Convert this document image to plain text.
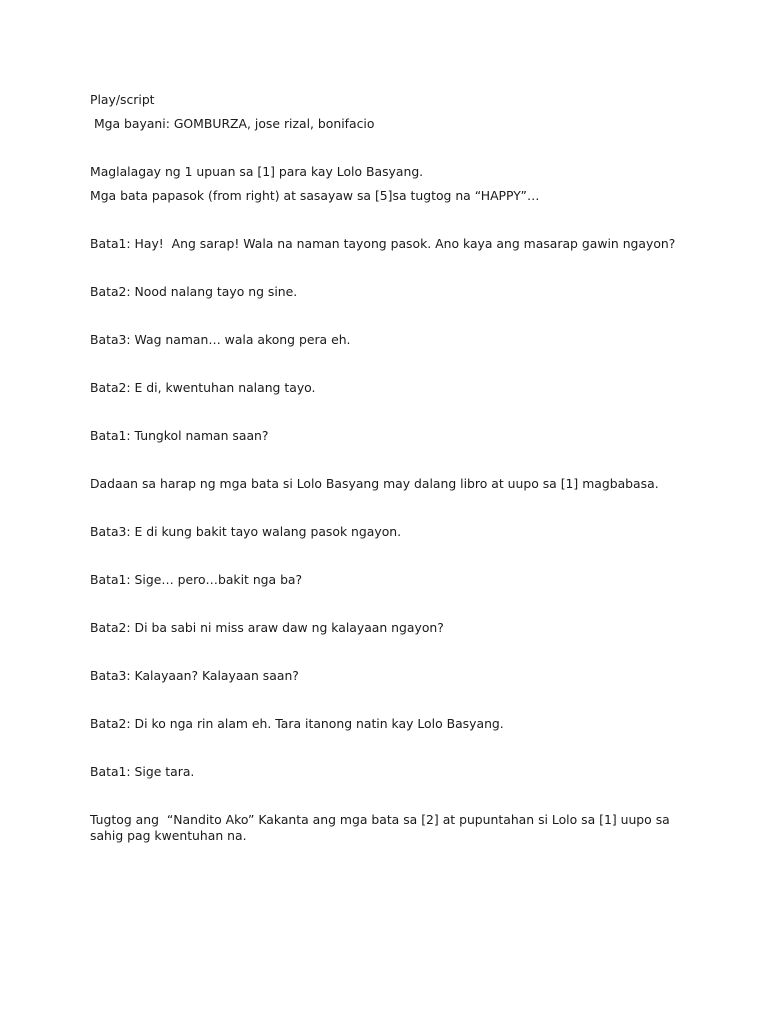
Play/script

Mga bayani: GOMBURZA, jose rizal, bonifacio

Maglalagay ng 1 upuan sa [1] para kay Lolo Basyang.

Mga bata papasok (from right) at sasayaw sa [5]sa tugtog na “HAPPY”…

Bata1: Hay!  Ang sarap! Wala na naman tayong pasok. Ano kaya ang masarap gawin ngayon?

Bata2: Nood nalang tayo ng sine.

Bata3: Wag naman… wala akong pera eh.

Bata2: E di, kwentuhan nalang tayo.

Bata1: Tungkol naman saan?

Dadaan sa harap ng mga bata si Lolo Basyang may dalang libro at uupo sa [1] magbabasa.

Bata3: E di kung bakit tayo walang pasok ngayon.

Bata1: Sige… pero…bakit nga ba?

Bata2: Di ba sabi ni miss araw daw ng kalayaan ngayon?

Bata3: Kalayaan? Kalayaan saan?

Bata2: Di ko nga rin alam eh. Tara itanong natin kay Lolo Basyang.

Bata1: Sige tara.

Tugtog ang  “Nandito Ako” Kakanta ang mga bata sa [2] at pupuntahan si Lolo sa [1] uupo sa sahig pag kwentuhan na.
